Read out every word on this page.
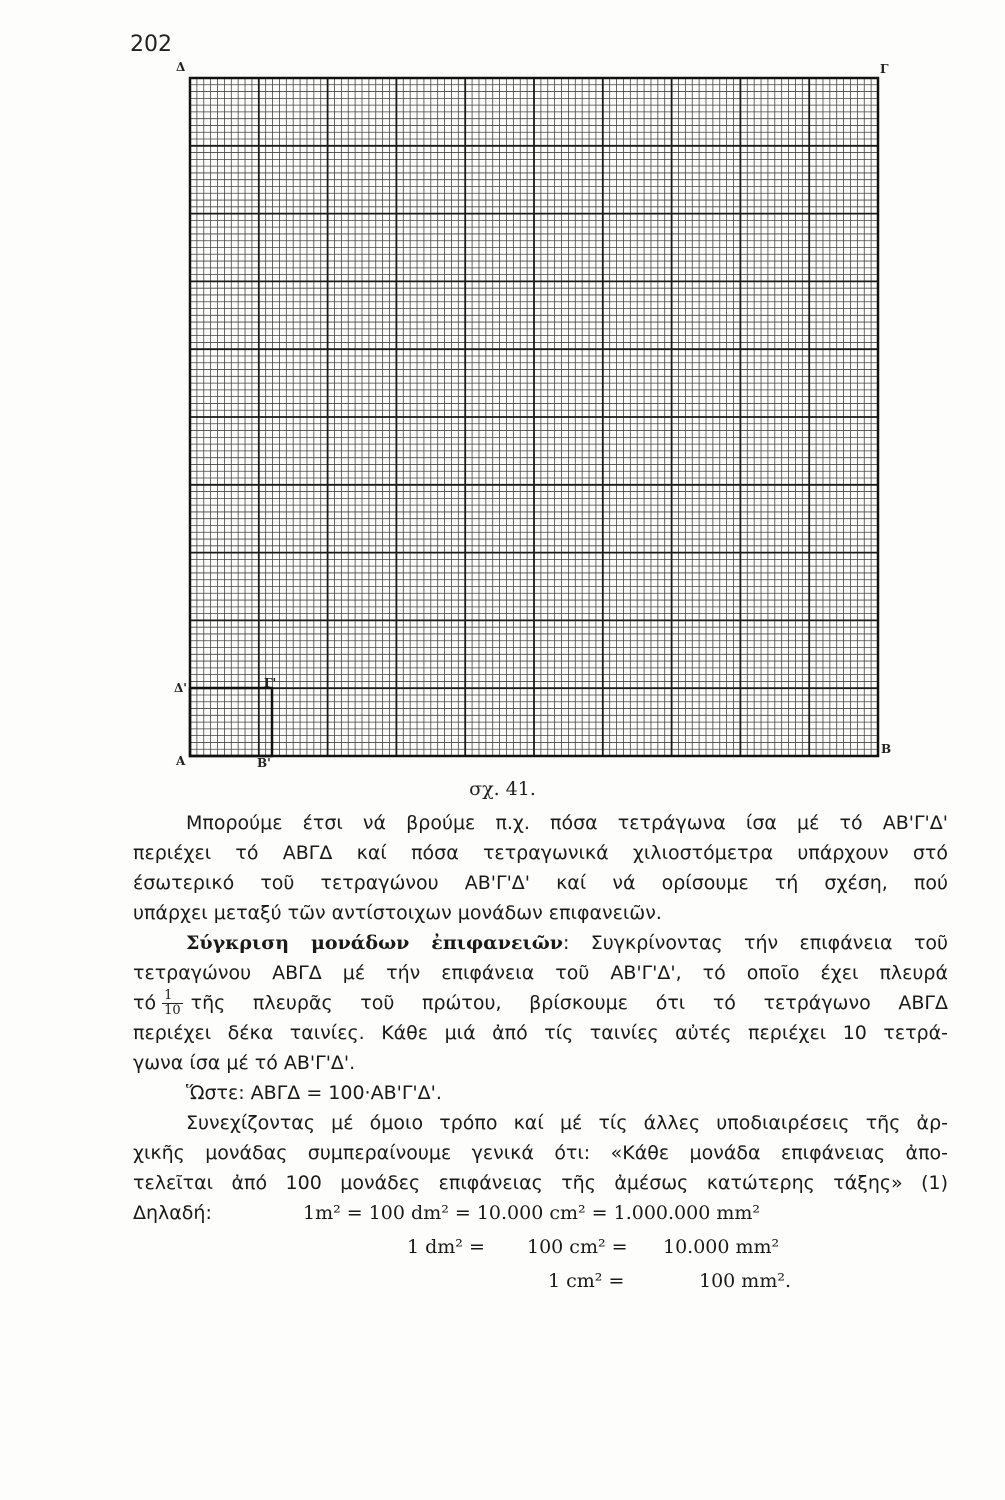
202
Δ	Γ
Α
Β
Δ'	Γ'
Β'
σχ. 41.

Μπορούμε έτσι νά βρούμε π.χ. πόσα τετράγωνα ίσα μέ τό ΑΒ'Γ'Δ'

περιέχει τό ΑΒΓΔ καί πόσα τετραγωνικά χιλιοστόμετρα υπάρχουν στό

έσωτερικό τοῦ τετραγώνου ΑΒ'Γ'Δ' καί νά ορίσουμε τή σχέση, πού

υπάρχει μεταξύ τῶν αντίστοιχων μονάδων επιφανειῶν.

Σύγκριση μονάδων ἐπιφανειῶν: Συγκρίνοντας τήν επιφάνεια τοῦ

τετραγώνου ΑΒΓΔ μέ τήν επιφάνεια τοῦ ΑΒ'Γ'Δ', τό οποῖο έχει πλευρά

τό $\frac{1}{10}$ τῆς πλευρᾶς τοῦ πρώτου, βρίσκουμε ότι τό τετράγωνο ΑΒΓΔ

περιέχει δέκα ταινίες. Κάθε μιά ἀπό τίς ταινίες αὐτές περιέχει 10 τετρά-

γωνα ίσα μέ τό ΑΒ'Γ'Δ'.

Ὥστε: ΑΒΓΔ = 100·ΑΒ'Γ'Δ'.

Συνεχίζοντας μέ όμοιο τρόπο καί μέ τίς άλλες υποδιαιρέσεις τῆς ἀρ-

χικῆς μονάδας συμπεραίνουμε γενικά ότι: «Κάθε μονάδα επιφάνειας ἀπο-

τελεῖται ἀπό 100 μονάδες επιφάνειας τῆς ἀμέσως κατώτερης τάξης» (1)

Δηλαδή:	1m² = 100 dm² = 10.000 cm² = 1.000.000 mm²
1 dm² = 100 cm² = 10.000 mm²
1 cm² =	100 mm².
